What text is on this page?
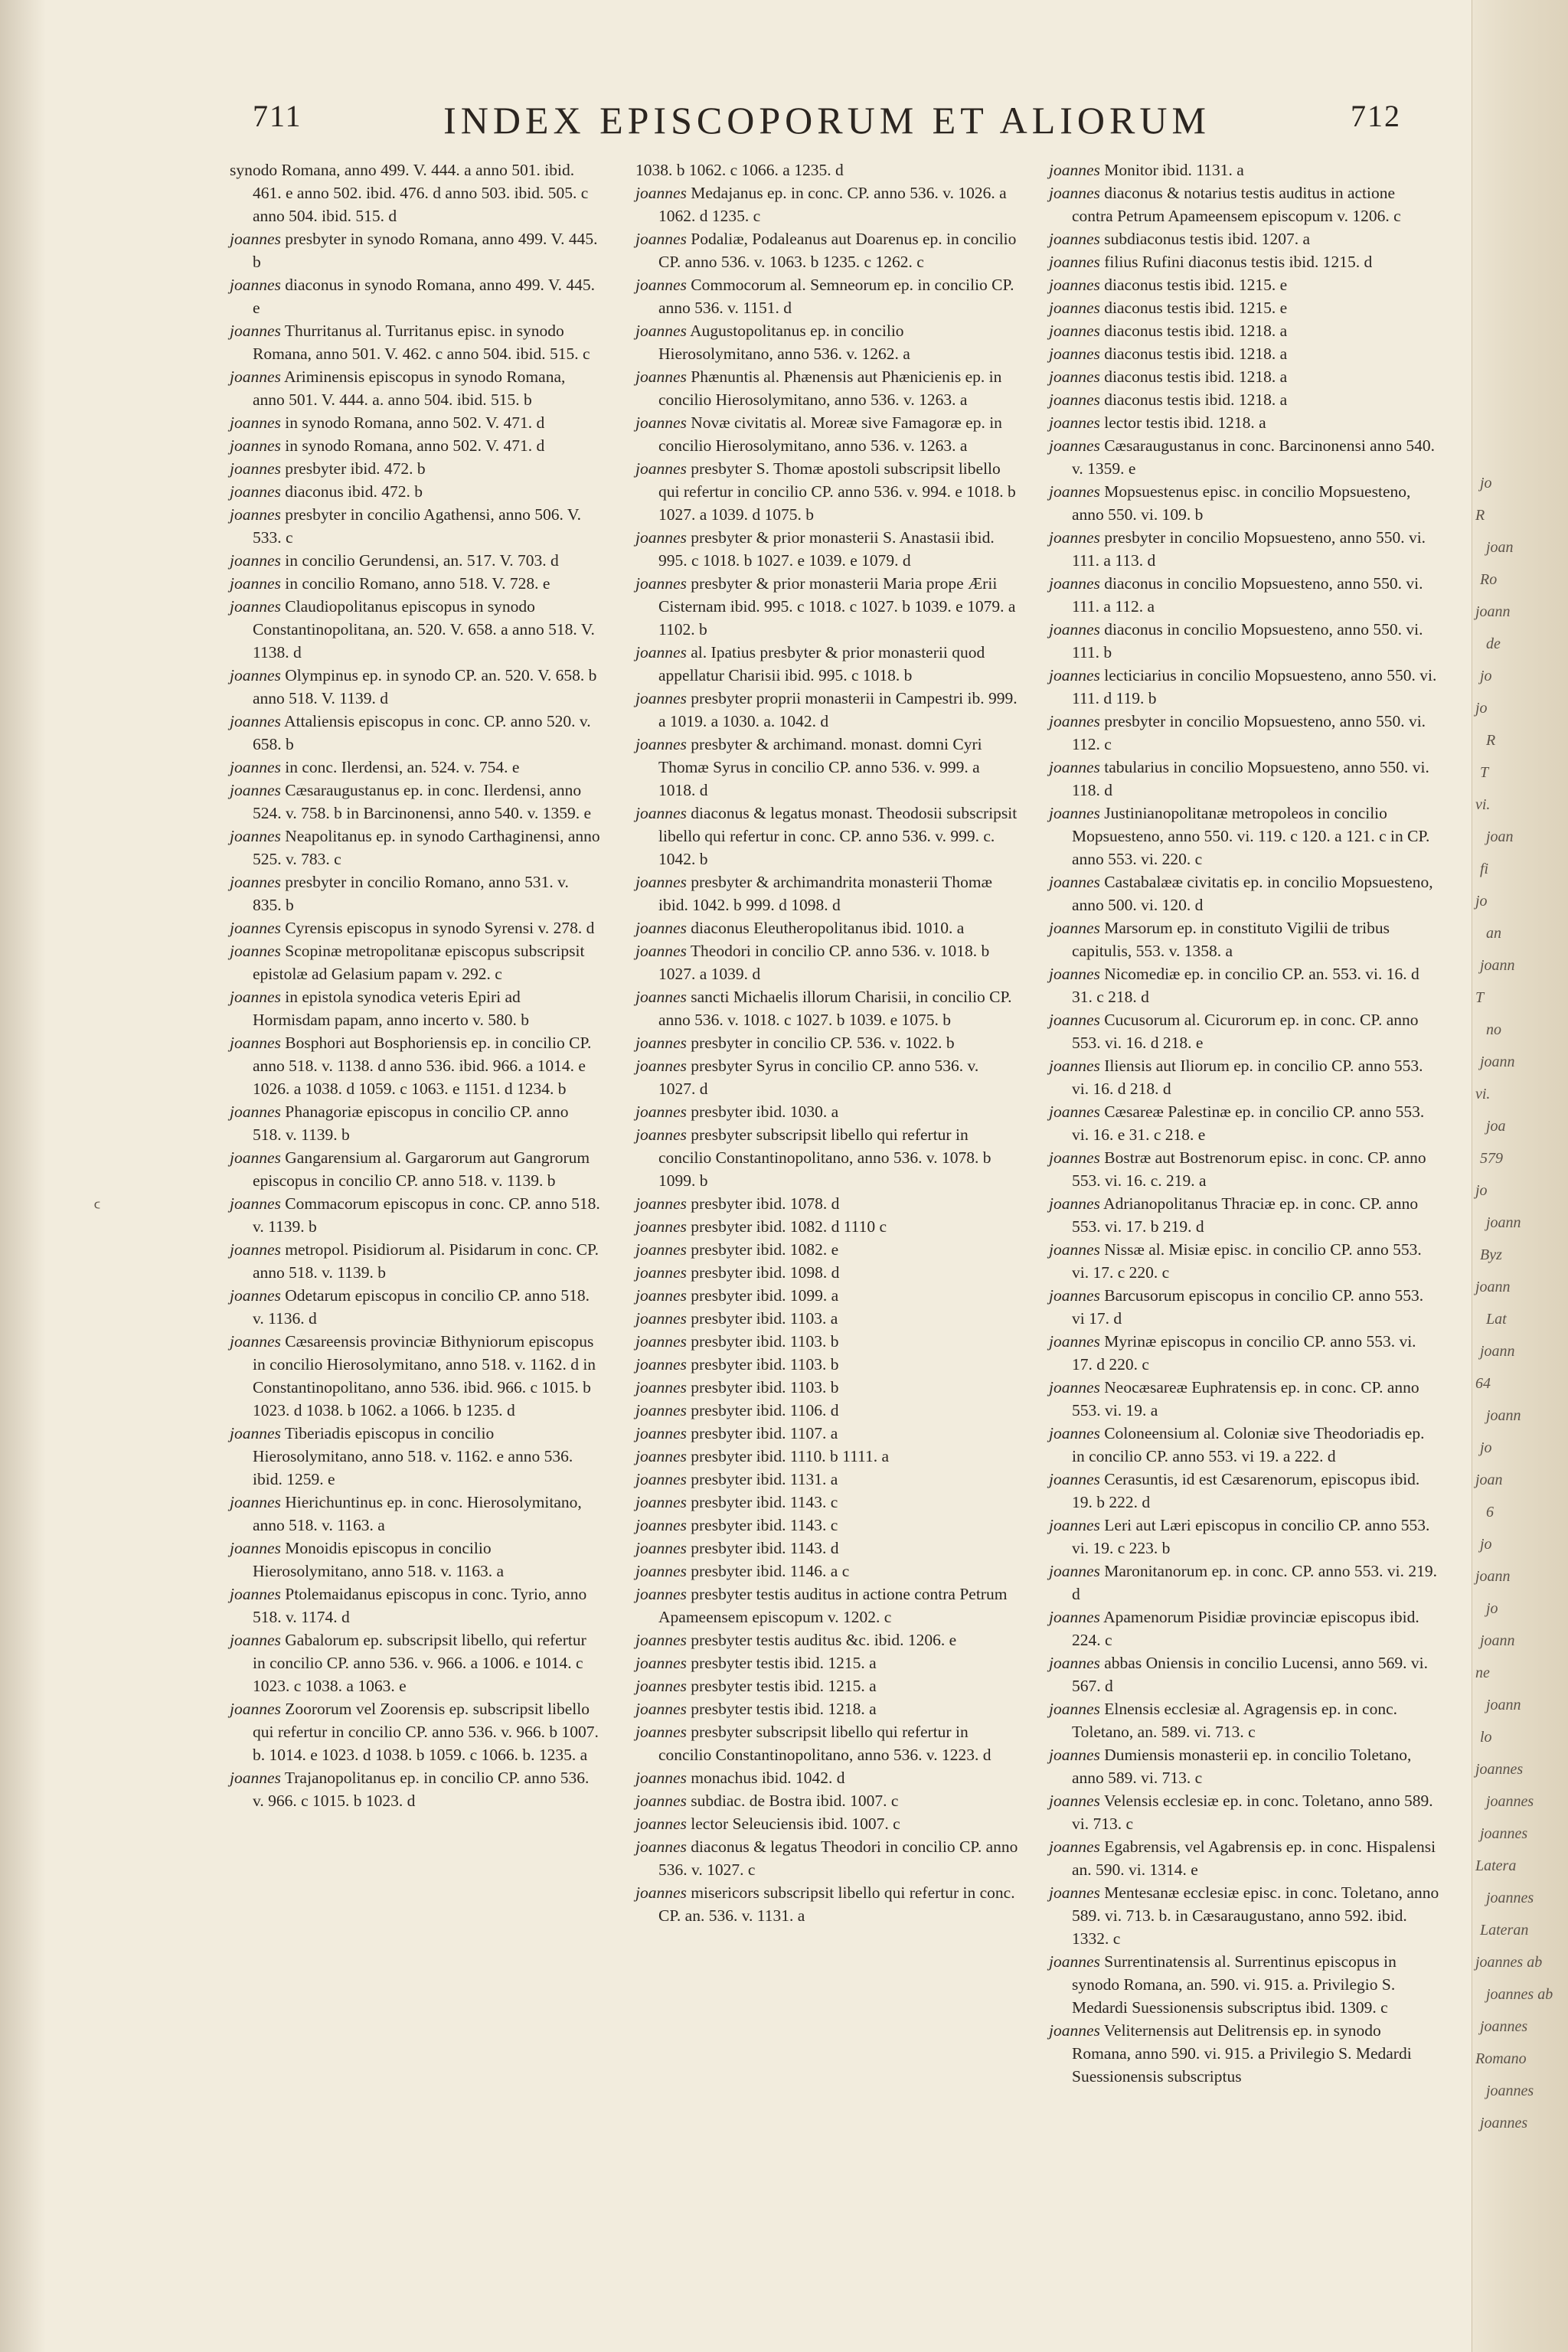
711	INDEX EPISCOPORUM ET ALIORUM	712

synodo Romana, anno 499. V. 444. a anno 501. ibid. 461. e anno 502. ibid. 476. d anno 503. ibid. 505. c anno 504. ibid. 515. d

joannes presbyter in synodo Romana, anno 499. V. 445. b

joannes diaconus in synodo Romana, anno 499. V. 445. e

joannes Thurritanus al. Turritanus episc. in synodo Romana, anno 501. V. 462. c anno 504. ibid. 515. c

joannes Ariminensis episcopus in synodo Romana, anno 501. V. 444. a. anno 504. ibid. 515. b

joannes in synodo Romana, anno 502. V. 471. d

joannes in synodo Romana, anno 502. V. 471. d

joannes presbyter ibid. 472. b

joannes diaconus ibid. 472. b

joannes presbyter in concilio Agathensi, anno 506. V. 533. c

joannes in concilio Gerundensi, an. 517. V. 703. d

joannes in concilio Romano, anno 518. V. 728. e

joannes Claudiopolitanus episcopus in synodo Constantinopolitana, an. 520. V. 658. a anno 518. V. 1138. d

joannes Olympinus ep. in synodo CP. an. 520. V. 658. b anno 518. V. 1139. d

joannes Attaliensis episcopus in conc. CP. anno 520. v. 658. b

joannes in conc. Ilerdensi, an. 524. v. 754. e

joannes Cæsaraugustanus ep. in conc. Ilerdensi, anno 524. v. 758. b in Barcinonensi, anno 540. v. 1359. e

joannes Neapolitanus ep. in synodo Carthaginensi, anno 525. v. 783. c

joannes presbyter in concilio Romano, anno 531. v. 835. b

joannes Cyrensis episcopus in synodo Syrensi v. 278. d

joannes Scopinæ metropolitanæ episcopus subscripsit epistolæ ad Gelasium papam v. 292. c

joannes in epistola synodica veteris Epiri ad Hormisdam papam, anno incerto v. 580. b

joannes Bosphori aut Bosphoriensis ep. in concilio CP. anno 518. v. 1138. d anno 536. ibid. 966. a 1014. e 1026. a 1038. d 1059. c 1063. e 1151. d 1234. b

joannes Phanagoriæ episcopus in concilio CP. anno 518. v. 1139. b

joannes Gangarensium al. Gargarorum aut Gangrorum episcopus in concilio CP. anno 518. v. 1139. b

joannes Commacorum episcopus in conc. CP. anno 518. v. 1139. b

joannes metropol. Pisidiorum al. Pisidarum in conc. CP. anno 518. v. 1139. b

joannes Odetarum episcopus in concilio CP. anno 518. v. 1136. d

joannes Cæsareensis provinciæ Bithyniorum episcopus in concilio Hierosolymitano, anno 518. v. 1162. d in Constantinopolitano, anno 536. ibid. 966. c 1015. b 1023. d 1038. b 1062. a 1066. b 1235. d

joannes Tiberiadis episcopus in concilio Hierosolymitano, anno 518. v. 1162. e anno 536. ibid. 1259. e

joannes Hierichuntinus ep. in conc. Hierosolymitano, anno 518. v. 1163. a

joannes Monoidis episcopus in concilio Hierosolymitano, anno 518. v. 1163. a

joannes Ptolemaidanus episcopus in conc. Tyrio, anno 518. v. 1174. d

joannes Gabalorum ep. subscripsit libello, qui refertur in concilio CP. anno 536. v. 966. a 1006. e 1014. c 1023. c 1038. a 1063. e

joannes Zoororum vel Zoorensis ep. subscripsit libello qui refertur in concilio CP. anno 536. v. 966. b 1007. b. 1014. e 1023. d 1038. b 1059. c 1066. b. 1235. a

joannes Trajanopolitanus ep. in concilio CP. anno 536. v. 966. c 1015. b 1023. d

1038. b 1062. c 1066. a 1235. d

joannes Medajanus ep. in conc. CP. anno 536. v. 1026. a 1062. d 1235. c

joannes Podaliæ, Podaleanus aut Doarenus ep. in concilio CP. anno 536. v. 1063. b 1235. c 1262. c

joannes Commocorum al. Semneorum ep. in concilio CP. anno 536. v. 1151. d

joannes Augustopolitanus ep. in concilio Hierosolymitano, anno 536. v. 1262. a

joannes Phænuntis al. Phænensis aut Phænicienis ep. in concilio Hierosolymitano, anno 536. v. 1263. a

joannes Novæ civitatis al. Moreæ sive Famagoræ ep. in concilio Hierosolymitano, anno 536. v. 1263. a

joannes presbyter S. Thomæ apostoli subscripsit libello qui refertur in concilio CP. anno 536. v. 994. e 1018. b 1027. a 1039. d 1075. b

joannes presbyter & prior monasterii S. Anastasii ibid. 995. c 1018. b 1027. e 1039. e 1079. d

joannes presbyter & prior monasterii Maria prope Ærii Cisternam ibid. 995. c 1018. c 1027. b 1039. e 1079. a 1102. b

joannes al. Ipatius presbyter & prior monasterii quod appellatur Charisii ibid. 995. c 1018. b

joannes presbyter proprii monasterii in Campestri ib. 999. a 1019. a 1030. a. 1042. d

joannes presbyter & archimand. monast. domni Cyri Thomæ Syrus in concilio CP. anno 536. v. 999. a 1018. d

joannes diaconus & legatus monast. Theodosii subscripsit libello qui refertur in conc. CP. anno 536. v. 999. c. 1042. b

joannes presbyter & archimandrita monasterii Thomæ ibid. 1042. b 999. d 1098. d

joannes diaconus Eleutheropolitanus ibid. 1010. a

joannes Theodori in concilio CP. anno 536. v. 1018. b 1027. a 1039. d

joannes sancti Michaelis illorum Charisii, in concilio CP. anno 536. v. 1018. c 1027. b 1039. e 1075. b

joannes presbyter in concilio CP. 536. v. 1022. b

joannes presbyter Syrus in concilio CP. anno 536. v. 1027. d

joannes presbyter ibid. 1030. a

joannes presbyter subscripsit libello qui refertur in concilio Constantinopolitano, anno 536. v. 1078. b 1099. b

joannes presbyter ibid. 1078. d

joannes presbyter ibid. 1082. d 1110 c

joannes presbyter ibid. 1082. e

joannes presbyter ibid. 1098. d

joannes presbyter ibid. 1099. a

joannes presbyter ibid. 1103. a

joannes presbyter ibid. 1103. b

joannes presbyter ibid. 1103. b

joannes presbyter ibid. 1103. b

joannes presbyter ibid. 1106. d

joannes presbyter ibid. 1107. a

joannes presbyter ibid. 1110. b 1111. a

joannes presbyter ibid. 1131. a

joannes presbyter ibid. 1143. c

joannes presbyter ibid. 1143. c

joannes presbyter ibid. 1143. d

joannes presbyter ibid. 1146. a c

joannes presbyter testis auditus in actione contra Petrum Apameensem episcopum v. 1202. c

joannes presbyter testis auditus &c. ibid. 1206. e

joannes presbyter testis ibid. 1215. a

joannes presbyter testis ibid. 1215. a

joannes presbyter testis ibid. 1218. a

joannes presbyter subscripsit libello qui refertur in concilio Constantinopolitano, anno 536. v. 1223. d

joannes monachus ibid. 1042. d

joannes subdiac. de Bostra ibid. 1007. c

joannes lector Seleuciensis ibid. 1007. c

joannes diaconus & legatus Theodori in concilio CP. anno 536. v. 1027. c

joannes misericors subscripsit libello qui refertur in conc. CP. an. 536. v. 1131. a

joannes Monitor ibid. 1131. a

joannes diaconus & notarius testis auditus in actione contra Petrum Apameensem episcopum v. 1206. c

joannes subdiaconus testis ibid. 1207. a

joannes filius Rufini diaconus testis ibid. 1215. d

joannes diaconus testis ibid. 1215. e

joannes diaconus testis ibid. 1215. e

joannes diaconus testis ibid. 1218. a

joannes diaconus testis ibid. 1218. a

joannes diaconus testis ibid. 1218. a

joannes diaconus testis ibid. 1218. a

joannes lector testis ibid. 1218. a

joannes Cæsaraugustanus in conc. Barcinonensi anno 540. v. 1359. e

joannes Mopsuestenus episc. in concilio Mopsuesteno, anno 550. vi. 109. b

joannes presbyter in concilio Mopsuesteno, anno 550. vi. 111. a 113. d

joannes diaconus in concilio Mopsuesteno, anno 550. vi. 111. a 112. a

joannes diaconus in concilio Mopsuesteno, anno 550. vi. 111. b

joannes lecticiarius in concilio Mopsuesteno, anno 550. vi. 111. d 119. b

joannes presbyter in concilio Mopsuesteno, anno 550. vi. 112. c

joannes tabularius in concilio Mopsuesteno, anno 550. vi. 118. d

joannes Justinianopolitanæ metropoleos in concilio Mopsuesteno, anno 550. vi. 119. c 120. a 121. c in CP. anno 553. vi. 220. c

joannes Castabalææ civitatis ep. in concilio Mopsuesteno, anno 500. vi. 120. d

joannes Marsorum ep. in constituto Vigilii de tribus capitulis, 553. v. 1358. a

joannes Nicomediæ ep. in concilio CP. an. 553. vi. 16. d 31. c 218. d

joannes Cucusorum al. Cicurorum ep. in conc. CP. anno 553. vi. 16. d 218. e

joannes Iliensis aut Iliorum ep. in concilio CP. anno 553. vi. 16. d 218. d

joannes Cæsareæ Palestinæ ep. in concilio CP. anno 553. vi. 16. e 31. c 218. e

joannes Bostræ aut Bostrenorum episc. in conc. CP. anno 553. vi. 16. c. 219. a

joannes Adrianopolitanus Thraciæ ep. in conc. CP. anno 553. vi. 17. b 219. d

joannes Nissæ al. Misiæ episc. in concilio CP. anno 553. vi. 17. c 220. c

joannes Barcusorum episcopus in concilio CP. anno 553. vi 17. d

joannes Myrinæ episcopus in concilio CP. anno 553. vi. 17. d 220. c

joannes Neocæsareæ Euphratensis ep. in conc. CP. anno 553. vi. 19. a

joannes Coloneensium al. Coloniæ sive Theodoriadis ep. in concilio CP. anno 553. vi 19. a 222. d

joannes Cerasuntis, id est Cæsarenorum, episcopus ibid. 19. b 222. d

joannes Leri aut Læri episcopus in concilio CP. anno 553. vi. 19. c 223. b

joannes Maronitanorum ep. in conc. CP. anno 553. vi. 219. d

joannes Apamenorum Pisidiæ provinciæ episcopus ibid. 224. c

joannes abbas Oniensis in concilio Lucensi, anno 569. vi. 567. d

joannes Elnensis ecclesiæ al. Agragensis ep. in conc. Toletano, an. 589. vi. 713. c

joannes Dumiensis monasterii ep. in concilio Toletano, anno 589. vi. 713. c

joannes Velensis ecclesiæ ep. in conc. Toletano, anno 589. vi. 713. c

joannes Egabrensis, vel Agabrensis ep. in conc. Hispalensi an. 590. vi. 1314. e

joannes Mentesanæ ecclesiæ episc. in conc. Toletano, anno 589. vi. 713. b. in Cæsaraugustano, anno 592. ibid. 1332. c

joannes Surrentinatensis al. Surrentinus episcopus in synodo Romana, an. 590. vi. 915. a. Privilegio S. Medardi Suessionensis subscriptus ibid. 1309. c

joannes Veliternensis aut Delitrensis ep. in synodo Romana, anno 590. vi. 915. a Privilegio S. Medardi Suessionensis subscriptus

ᑦ
jo
R
joan
Ro
joann
de
jo
jo
R
T
vi.
joan
fi
jo
an
joann
T
no
joann
vi.
joa
579
jo
joann
Byz
joann
Lat
joann
64
joann
jo
joan
6
jo
joann
jo
joann
ne
joann
lo
joannes
joannes
joannes
Latera
joannes
Lateran
joannes ab
joannes ab
joannes
Romano
joannes
joannes
